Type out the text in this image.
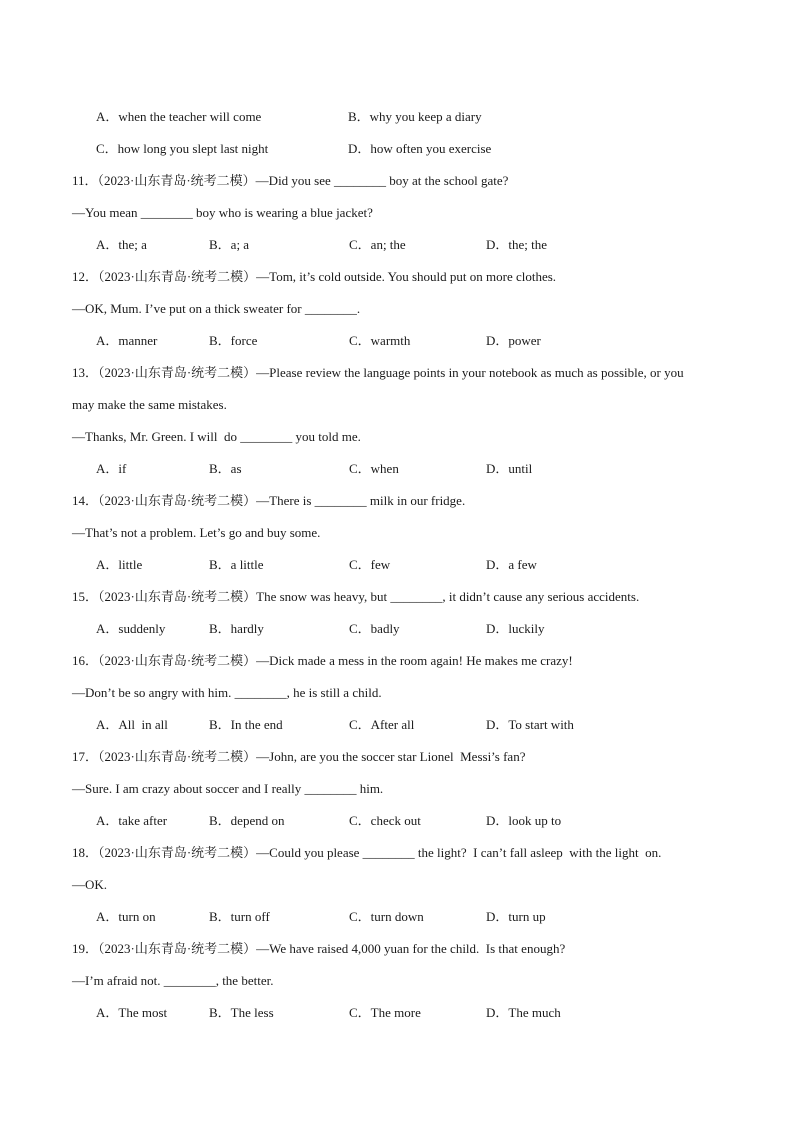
A．when the teacher will come	B．why you keep a diary
C．how long you slept last night	D．how often you exercise
11．（2023·山东青岛·统考二模）—Did you see ________ boy at the school gate?
—You mean ________ boy who is wearing a blue jacket?
A．the; a	B．a; a	C．an; the	D．the; the
12．（2023·山东青岛·统考二模）—Tom, it’s cold outside. You should put on more clothes.
—OK, Mum. I’ve put on a thick sweater for ________.
A．manner	B．force	C．warmth	D．power
13．（2023·山东青岛·统考二模）—Please review the language points in your notebook as much as possible, or you
may make the same mistakes.
—Thanks, Mr. Green. I will  do ________ you told me.
A．if	B．as	C．when	D．until
14．（2023·山东青岛·统考二模）—There is ________ milk in our fridge.
—That’s not a problem. Let’s go and buy some.
A．little	B．a little	C．few	D．a few
15．（2023·山东青岛·统考二模）The snow was heavy, but ________, it didn’t cause any serious accidents.
A．suddenly	B．hardly	C．badly	D．luckily
16．（2023·山东青岛·统考二模）—Dick made a mess in the room again! He makes me crazy!
—Don’t be so angry with him. ________, he is still a child.
A．All  in all	B．In the end	C．After all	D．To start with
17．（2023·山东青岛·统考二模）—John, are you the soccer star Lionel  Messi’s fan?
—Sure. I am crazy about soccer and I really ________ him.
A．take after	B．depend on	C．check out	D．look up to
18．（2023·山东青岛·统考二模）—Could you please ________ the light?  I can’t fall asleep  with the light  on.
—OK.
A．turn on	B．turn off	C．turn down	D．turn up
19．（2023·山东青岛·统考二模）—We have raised 4,000 yuan for the child.  Is that enough?
—I’m afraid not. ________, the better.
A．The most	B．The less	C．The more	D．The much
